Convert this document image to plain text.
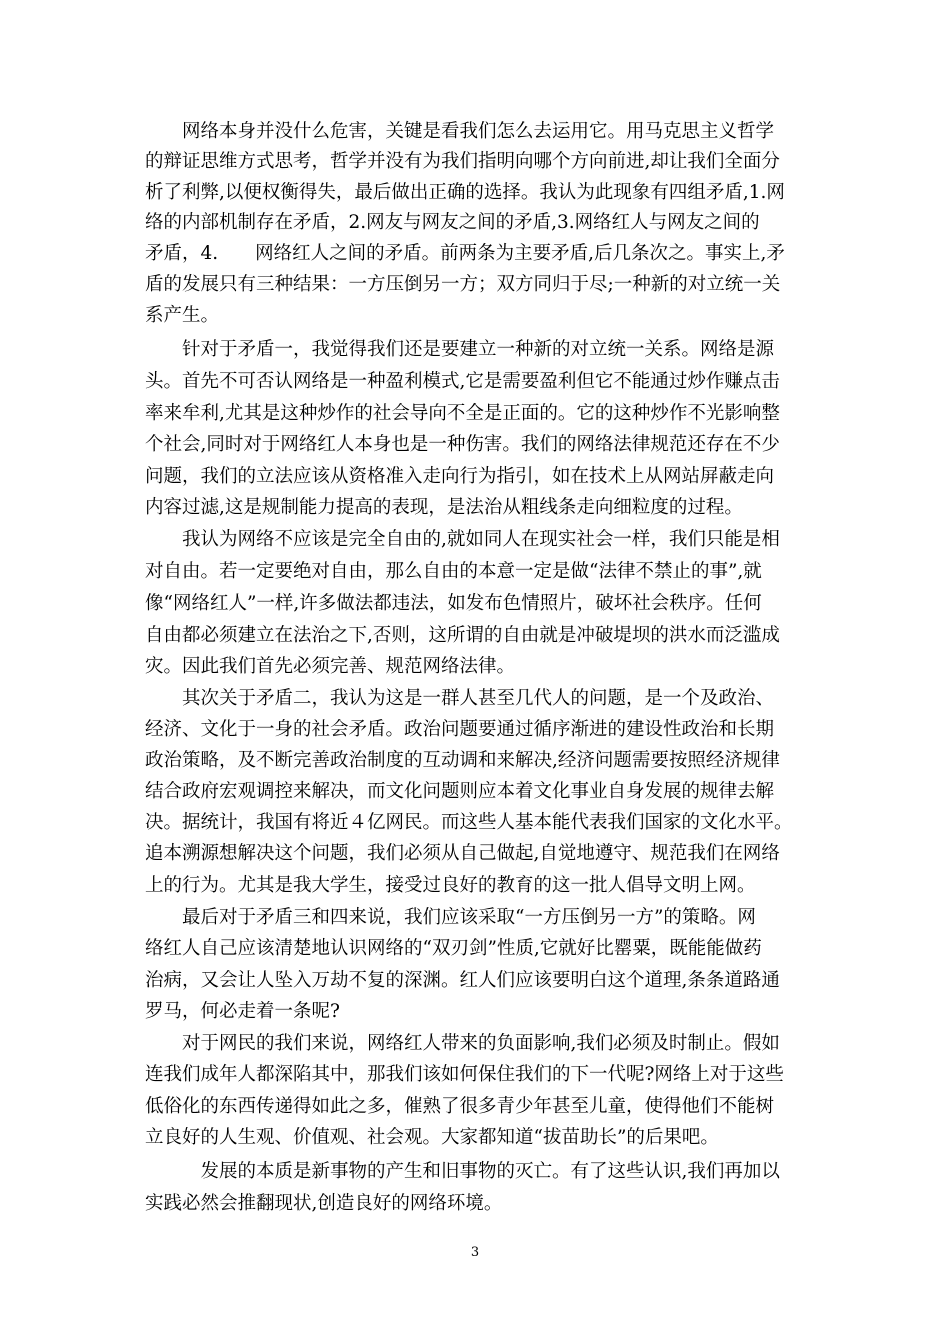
　　网络本身并没什么危害，关键是看我们怎么去运用它。用马克思主义哲学
的辩证思维方式思考，哲学并没有为我们指明向哪个方向前进,却让我们全面分
析了利弊,以便权衡得失，最后做出正确的选择。我认为此现象有四组矛盾,1.网
络的内部机制存在矛盾，2.网友与网友之间的矛盾,3.网络红人与网友之间的
矛盾，4.　　网络红人之间的矛盾。前两条为主要矛盾,后几条次之。事实上,矛
盾的发展只有三种结果：一方压倒另一方；双方同归于尽;一种新的对立统一关
系产生。
　　针对于矛盾一，我觉得我们还是要建立一种新的对立统一关系。网络是源
头。首先不可否认网络是一种盈利模式,它是需要盈利但它不能通过炒作赚点击
率来牟利,尤其是这种炒作的社会导向不全是正面的。它的这种炒作不光影响整
个社会,同时对于网络红人本身也是一种伤害。我们的网络法律规范还存在不少
问题，我们的立法应该从资格准入走向行为指引，如在技术上从网站屏蔽走向
内容过滤,这是规制能力提高的表现，是法治从粗线条走向细粒度的过程。
　　我认为网络不应该是完全自由的,就如同人在现实社会一样，我们只能是相
对自由。若一定要绝对自由，那么自由的本意一定是做“法律不禁止的事”,就
像“网络红人”一样,许多做法都违法，如发布色情照片，破坏社会秩序。任何
自由都必须建立在法治之下,否则，这所谓的自由就是冲破堤坝的洪水而泛滥成
灾。因此我们首先必须完善、规范网络法律。
　　其次关于矛盾二，我认为这是一群人甚至几代人的问题，是一个及政治、
经济、文化于一身的社会矛盾。政治问题要通过循序渐进的建设性政治和长期
政治策略，及不断完善政治制度的互动调和来解决,经济问题需要按照经济规律
结合政府宏观调控来解决，而文化问题则应本着文化事业自身发展的规律去解
决。据统计，我国有将近４亿网民。而这些人基本能代表我们国家的文化水平。
追本溯源想解决这个问题，我们必须从自己做起,自觉地遵守、规范我们在网络
上的行为。尤其是我大学生，接受过良好的教育的这一批人倡导文明上网。
　　最后对于矛盾三和四来说，我们应该采取“一方压倒另一方”的策略。网
络红人自己应该清楚地认识网络的“双刃剑”性质,它就好比罂粟，既能能做药
治病，又会让人坠入万劫不复的深渊。红人们应该要明白这个道理,条条道路通
罗马，何必走着一条呢?
　　对于网民的我们来说，网络红人带来的负面影响,我们必须及时制止。假如
连我们成年人都深陷其中，那我们该如何保住我们的下一代呢?网络上对于这些
低俗化的东西传递得如此之多，催熟了很多青少年甚至儿童，使得他们不能树
立良好的人生观、价值观、社会观。大家都知道“拔苗助长”的后果吧。
　　　发展的本质是新事物的产生和旧事物的灭亡。有了这些认识,我们再加以
实践必然会推翻现状,创造良好的网络环境。
3
